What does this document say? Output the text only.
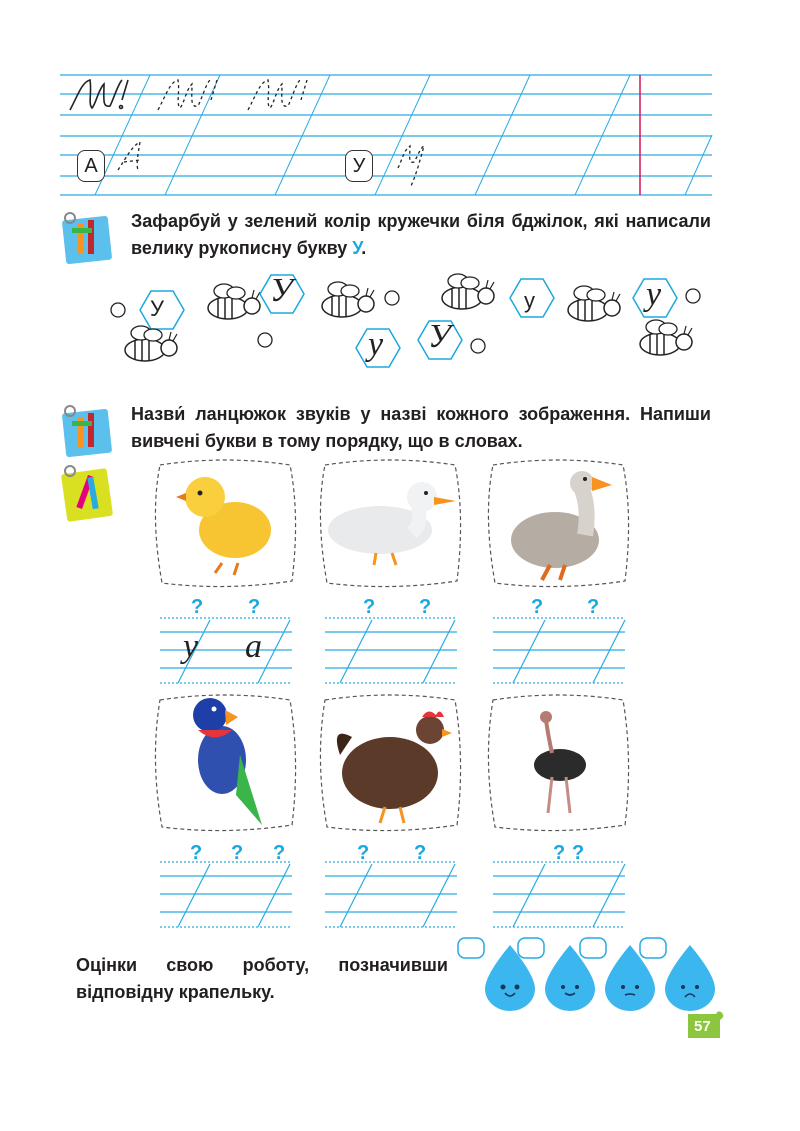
А	У
Зафарбуй у зелений колір кружечки біля бджілок, які написали велику рукописну букву У.
У	У
у У
у	у
Назви́ ланцюжок звуків у назві кожного зображення. Напиши вивчені букви в тому порядку, що в словах.
? ?	? ?	? ?
? ? ?	? ?	? ?
у а
Оцінки свою роботу, позначивши відповідну крапельку.
57
